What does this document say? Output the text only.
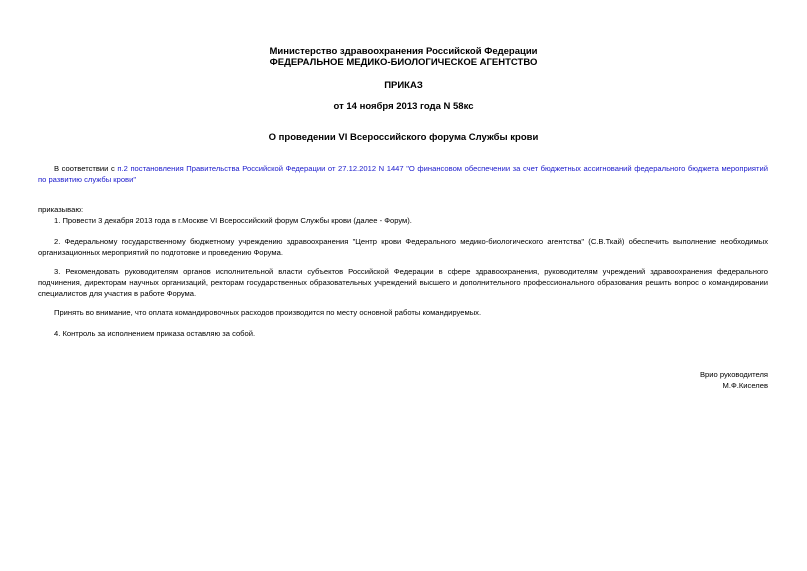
Министерство здравоохранения Российской Федерации
ФЕДЕРАЛЬНОЕ МЕДИКО-БИОЛОГИЧЕСКОЕ АГЕНТСТВО
ПРИКАЗ
от 14 ноября 2013 года N 58кс
О проведении VI Всероссийского форума Службы крови
В соответствии с п.2 постановления Правительства Российской Федерации от 27.12.2012 N 1447 "О финансовом обеспечении за счет бюджетных ассигнований федерального бюджета мероприятий по развитию службы крови"
приказываю:
1. Провести 3 декабря 2013 года в г.Москве VI Всероссийский форум Службы крови (далее - Форум).
2. Федеральному государственному бюджетному учреждению здравоохранения "Центр крови Федерального медико-биологического агентства" (С.В.Ткай) обеспечить выполнение необходимых организационных мероприятий по подготовке и проведению Форума.
3. Рекомендовать руководителям органов исполнительной власти субъектов Российской Федерации в сфере здравоохранения, руководителям учреждений здравоохранения федерального подчинения, директорам научных организаций, ректорам государственных образовательных учреждений высшего и дополнительного профессионального образования решить вопрос о командировании специалистов для участия в работе Форума.
Принять во внимание, что оплата командировочных расходов производится по месту основной работы командируемых.
4. Контроль за исполнением приказа оставляю за собой.
Врио руководителя
М.Ф.Киселев
